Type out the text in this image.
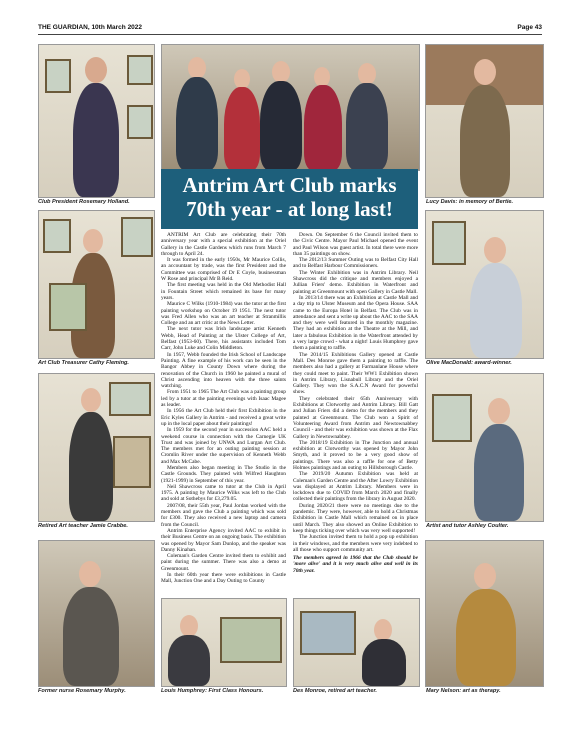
THE GUARDIAN, 10th March 2022	Page 43
Club President Rosemary Holland.	Lucy Davis: in memory of Bertie.
Antrim Art Club marks 70th year - at long last!
Art Club Treasurer Cathy Fleming.
Retired Art teacher Jamie Crabbe.
Olive MacDonald: award-winner.
Artist and tutor Ashley Coulter.
Former nurse Rosemary Murphy.	Louis Humphrey: First Class Honours.	Des Monroe, retired art teacher.	Mary Nelson: art as therapy.

ANTRIM Art Club are celebrating their 70th anniversary year with a special exhibition at the Oriel Gallery in the Castle Gardens which runs from March 7 through to April 24.

It was formed in the early 1950s, Mr Maurice Collis, an accountant by trade, was the first President and the Committee was comprised of Dr E Coyle, businessman W Rose and principal Mr B Reid.

The first meeting was held in the Old Methodist Hall in Fountain Street which remained its base for many years.

Maurice C Wilks (1910-1984) was the tutor at the first painting workshop on October 19 1951. The next tutor was Fred Allen who was an art teacher at Stranmillis College and an art critic at the News Letter.

The next tutor was Irish landscape artist Kenneth Webb, Head of Painting at the Ulster College of Art, Belfast (1953-60). There, his assistants included Tom Carr, John Luke and Colin Middleton.

In 1957, Webb founded the Irish School of Landscape Painting. A fine example of his work can be seen in the Bangor Abbey in County Down where during the renovation of the Church in 1960 he painted a mural of Christ ascending into heaven with the three saints watching.

From 1951 to 1965 The Art Club was a painting group led by a tutor at the painting evenings with Isaac Magee as leader.

In 1956 the Art Club held their first Exhibition in the Eric Kyles Gallery in Antrim - and received a great write up in the local paper about their paintings!

In 1959 for the second year in succession AAC held a weekend course in connection with the Carnegie UK Trust and was joined by UNWA and Lurgan Art Club. The members met for an outing painting session at Cromlin River under the supervision of Kenneth Webb and Max McCabe.

Members also began meeting in The Studio in the Castle Grounds. They painted with Wilfred Haughton (1921-1999) in September of this year.

Neil Shawcross came to tutor at the Club in April 1975. A painting by Maurice Wilks was left to the Club and sold at Sothebys for £3,279.05.

2007/08, their 55th year, Paul Jordan worked with the members and gave the Club a painting which was sold for £300. They also received a new laptop and camera from the Council.

Antrim Enterprise Agency invited AAC to exhibit in their Business Centre on an ongoing basis. The exhibition was opened by Mayor Sam Dunlop, and the speaker was Danny Kinahan.

Coleman's Garden Centre invited them to exhibit and paint during the summer. There was also a demo at Greenmount.

In their 60th year there were exhibitions in Castle Mall, Junction One and a Day Outing to County

Down. On September 6 the Council invited them to the Civic Centre. Mayor Paul Michael opened the event and Paul Wilson was guest artist. In total there were more than 35 paintings on show.

The 2012/13 Summer Outing was to Belfast City Hall and to Belfast Harbour Commissioners.

The Winter Exhibition was in Antrim Library. Neil Shawcross did the critique and members enjoyed a Jullian Friers' demo. Exhibition in Waterfront and painting at Greenmount with open Gallery in Castle Mall.

In 2013/14 there was an Exhibition at Castle Mall and a day trip to Ulster Museum and the Opera House. SAA came to the Europa Hotel in Belfast. The Club was in attendance and sent a write up about the AAC to the SAA and they were well featured in the monthly magazine. They had an exhibition at the Theatre at the Mill, and later a fabulous Exhibition in the Waterfront attended by a very large crowd - what a night! Louis Humphrey gave them a painting to raffle.

The 2014/15 Exhibitions Gallery opened at Castle Mall. Des Monroe gave them a painting to raffle. The members also had a gallery at Farmanlane House where they could meet to paint. Their WW1 Exhibition shown in Antrim Library, Lisnabull Library and the Oriel Gallery. They won the S.A.C.N Award for powerful show.

They celebrated their 65th Anniversary with Exhibitions at Clotworthy and Antrim Library. Bill Gatt and Julian Friers did a demo for the members and they painted at Greenmount. The Club won a Spirit of Volunteering Award from Antrim and Newtownabbey Council - and their was exhibition was shown at the Flax Gallery in Newtownabbey.

The 2018/19 Exhibition in The Junction and annual exhibition at Clotworthy was opened by Mayor John Smyth, and it proved to be a very good show of paintings. There was also a raffle for one of Betty Holmes paintings and an outing to Hillsborough Castle.

The 2019/20 Autumn Exhibition was held at Coleman's Garden Centre and the After Lowry Exhibition was displayed at Antrim Library. Members were in lockdown due to COVID from March 2020 and finally collected their paintings from the library in August 2020.

During 2020/21 there were no meetings due to the pandemic. They were, however, able to hold a Christmas Exhibition in Castle Mall which remained on in place until March. They also showed an Online Exhibition to keep things ticking over which was very well supported!

The Junction invited them to hold a pop up exhibition in their windows, and the members were very indebted to all those who support community art.

The members agreed in 1966 that the Club should be 'more alive' and it is very much alive and well in its 70th year.
